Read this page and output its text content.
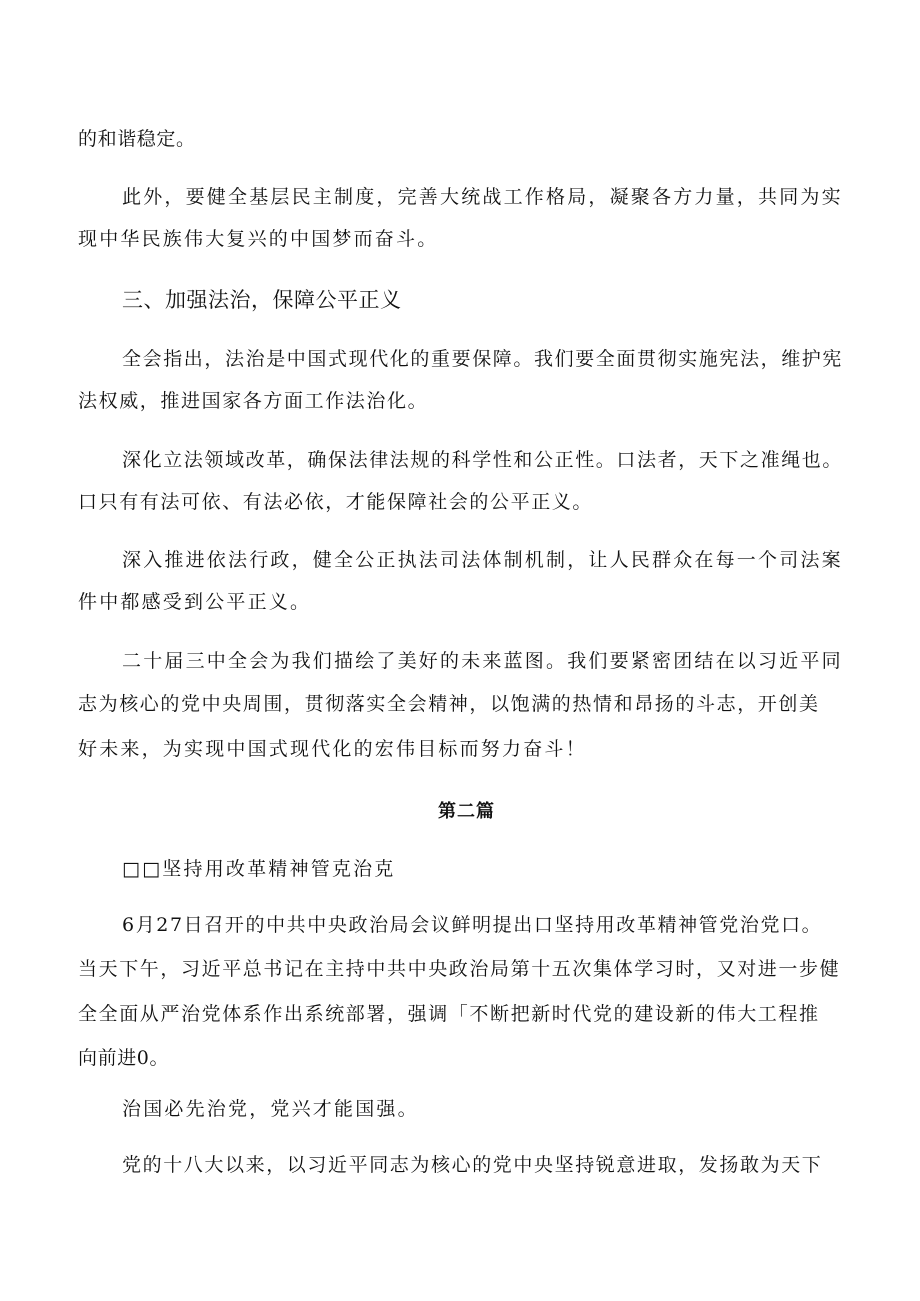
的和谐稳定。
此外，要健全基层民主制度，完善大统战工作格局，凝聚各方力量，共同为实
现中华民族伟大复兴的中国梦而奋斗。
三、加强法治，保障公平正义
全会指出，法治是中国式现代化的重要保障。我们要全面贯彻实施宪法，维护宪
法权威，推进国家各方面工作法治化。
深化立法领域改革，确保法律法规的科学性和公正性。口法者，天下之准绳也。
口只有有法可依、有法必依，才能保障社会的公平正义。
深入推进依法行政，健全公正执法司法体制机制，让人民群众在每一个司法案
件中都感受到公平正义。
二十届三中全会为我们描绘了美好的未来蓝图。我们要紧密团结在以习近平同
志为核心的党中央周围，贯彻落实全会精神，以饱满的热情和昂扬的斗志，开创美
好未来，为实现中国式现代化的宏伟目标而努力奋斗！
第二篇
□□坚持用改革精神管克治克
6月27日召开的中共中央政治局会议鲜明提出口坚持用改革精神管党治党口。
当天下午，习近平总书记在主持中共中央政治局第十五次集体学习时，又对进一步健
全全面从严治党体系作出系统部署，强调「不断把新时代党的建设新的伟大工程推
向前进0。
治国必先治党，党兴才能国强。
党的十八大以来，以习近平同志为核心的党中央坚持锐意进取，发扬敢为天下
